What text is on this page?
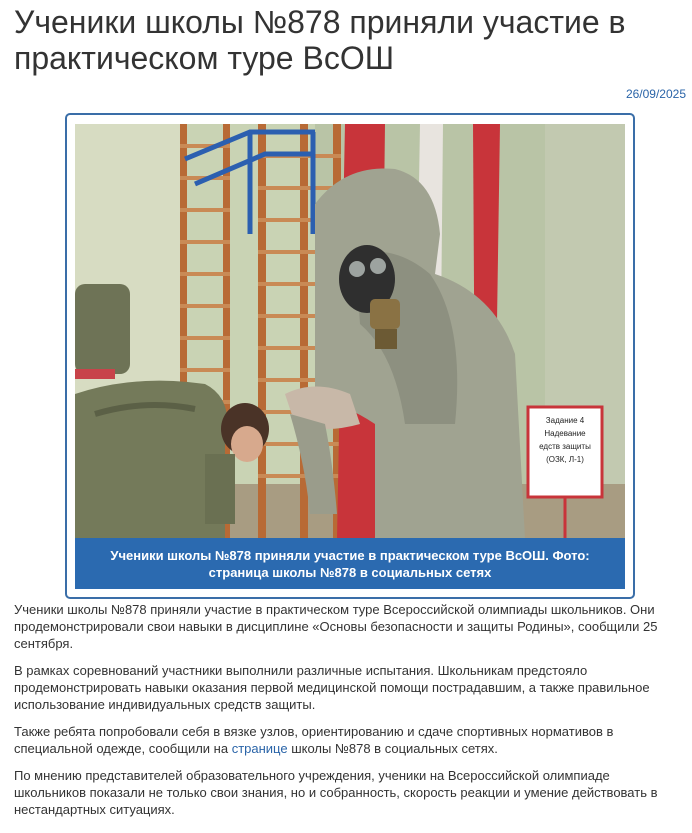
Ученики школы №878 приняли участие в практическом туре ВсОШ
26/09/2025
Задание 4
Надевание
едств защиты
(ОЗК, Л-1)
Ученики школы №878 приняли участие в практическом туре ВсОШ. Фото: страница школы №878 в социальных сетях

Ученики школы №878 приняли участие в практическом туре Всероссийской олимпиады школьников. Они продемонстрировали свои навыки в дисциплине «Основы безопасности и защиты Родины», сообщили 25 сентября.

В рамках соревнований участники выполнили различные испытания. Школьникам предстояло продемонстрировать навыки оказания первой медицинской помощи пострадавшим, а также правильное использование индивидуальных средств защиты.

Также ребята попробовали себя в вязке узлов, ориентированию и сдаче спортивных нормативов в специальной одежде, сообщили на странице школы №878 в социальных сетях.

По мнению представителей образовательного учреждения, ученики на Всероссийской олимпиаде школьников показали не только свои знания, но и собранность, скорость реакции и умение действовать в нестандартных ситуациях.
